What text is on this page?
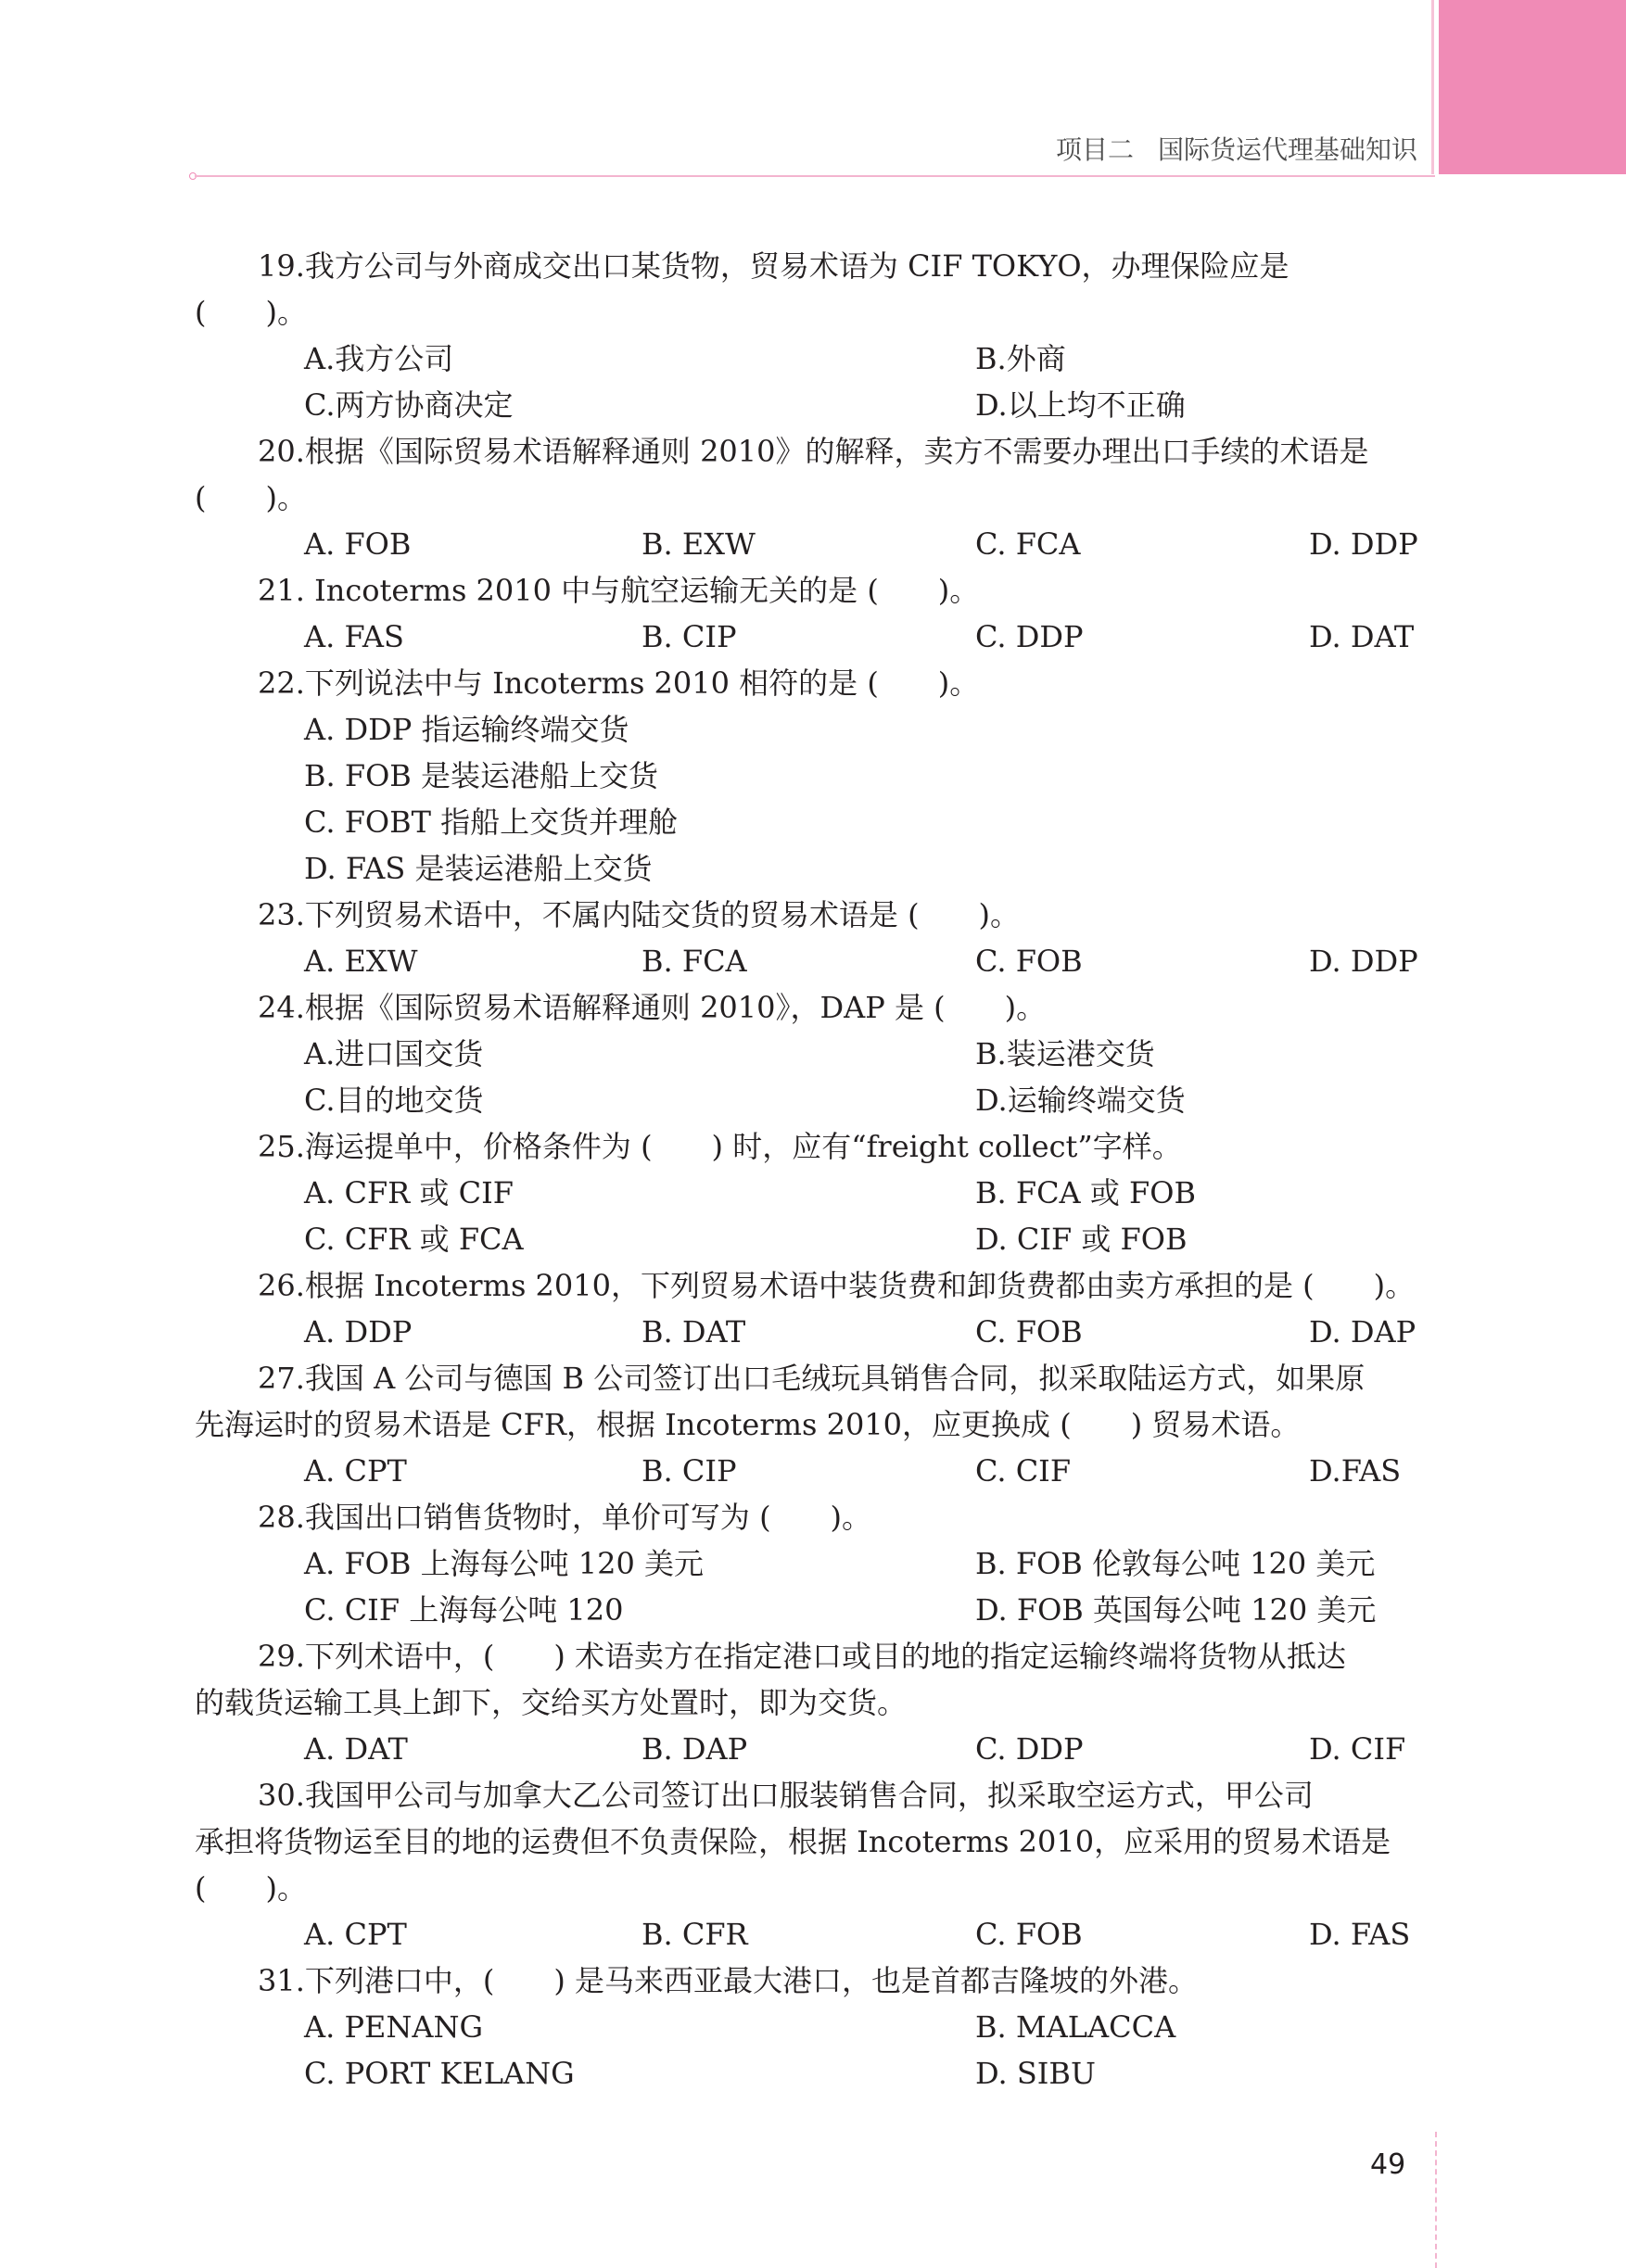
项目二 国际货运代理基础知识
19.我方公司与外商成交出口某货物，贸易术语为 CIF TOKYO，办理保险应是
(　　)。
A.我方公司	B.外商
C.两方协商决定	D.以上均不正确
20.根据《国际贸易术语解释通则 2010》的解释，卖方不需要办理出口手续的术语是
(　　)。
A. FOB	B. EXW	C. FCA	D. DDP
21. Incoterms 2010 中与航空运输无关的是 (　　)。
A. FAS	B. CIP	C. DDP	D. DAT
22.下列说法中与 Incoterms 2010 相符的是 (　　)。
A. DDP 指运输终端交货
B. FOB 是装运港船上交货
C. FOBT 指船上交货并理舱
D. FAS 是装运港船上交货
23.下列贸易术语中，不属内陆交货的贸易术语是 (　　)。
A. EXW	B. FCA	C. FOB	D. DDP
24.根据《国际贸易术语解释通则 2010》，DAP 是 (　　)。
A.进口国交货	B.装运港交货
C.目的地交货	D.运输终端交货
25.海运提单中，价格条件为 (　　) 时，应有“freight collect”字样。
A. CFR 或 CIF	B. FCA 或 FOB
C. CFR 或 FCA	D. CIF 或 FOB
26.根据 Incoterms 2010，下列贸易术语中装货费和卸货费都由卖方承担的是 (　　)。
A. DDP	B. DAT	C. FOB	D. DAP
27.我国 A 公司与德国 B 公司签订出口毛绒玩具销售合同，拟采取陆运方式，如果原
先海运时的贸易术语是 CFR，根据 Incoterms 2010，应更换成 (　　) 贸易术语。
A. CPT	B. CIP	C. CIF	D.FAS
28.我国出口销售货物时，单价可写为 (　　)。
A. FOB 上海每公吨 120 美元	B. FOB 伦敦每公吨 120 美元
C. CIF 上海每公吨 120	D. FOB 英国每公吨 120 美元
29.下列术语中，(　　) 术语卖方在指定港口或目的地的指定运输终端将货物从抵达
的载货运输工具上卸下，交给买方处置时，即为交货。
A. DAT	B. DAP	C. DDP	D. CIF
30.我国甲公司与加拿大乙公司签订出口服装销售合同，拟采取空运方式，甲公司
承担将货物运至目的地的运费但不负责保险，根据 Incoterms 2010，应采用的贸易术语是
(　　)。
A. CPT	B. CFR	C. FOB	D. FAS
31.下列港口中，(　　) 是马来西亚最大港口，也是首都吉隆坡的外港。
A. PENANG	B. MALACCA
C. PORT KELANG	D. SIBU
49
